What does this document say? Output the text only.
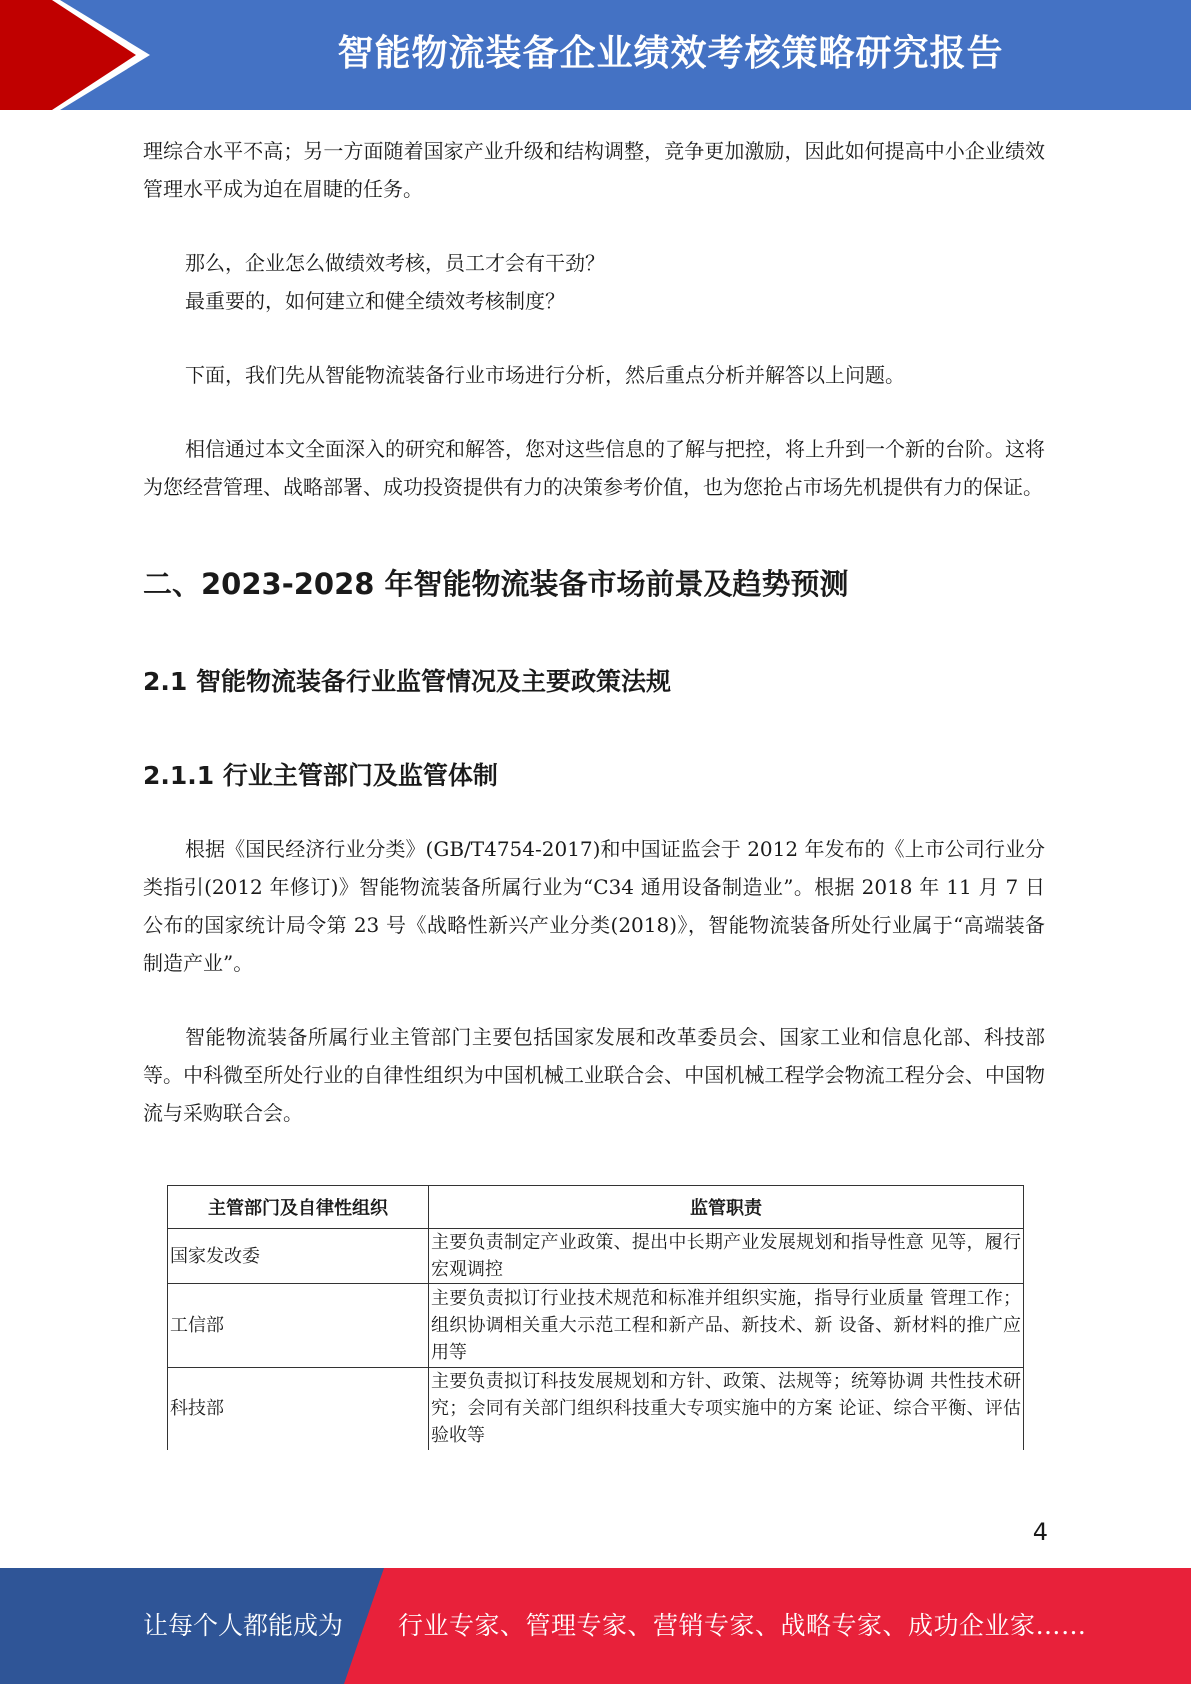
智能物流装备企业绩效考核策略研究报告

理综合水平不高；另一方面随着国家产业升级和结构调整，竞争更加激励，因此如何提高中小企业绩效管理水平成为迫在眉睫的任务。

那么，企业怎么做绩效考核，员工才会有干劲？

最重要的，如何建立和健全绩效考核制度？

下面，我们先从智能物流装备行业市场进行分析，然后重点分析并解答以上问题。

相信通过本文全面深入的研究和解答，您对这些信息的了解与把控，将上升到一个新的台阶。这将为您经营管理、战略部署、成功投资提供有力的决策参考价值，也为您抢占市场先机提供有力的保证。

二、2023-2028 年智能物流装备市场前景及趋势预测
2.1 智能物流装备行业监管情况及主要政策法规
2.1.1 行业主管部门及监管体制

根据《国民经济行业分类》(GB/T4754-2017)和中国证监会于 2012 年发布的《上市公司行业分类指引(2012 年修订)》智能物流装备所属行业为“C34 通用设备制造业”。根据 2018 年 11 月 7 日公布的国家统计局令第 23 号《战略性新兴产业分类(2018)》，智能物流装备所处行业属于“高端装备制造产业”。

智能物流装备所属行业主管部门主要包括国家发展和改革委员会、国家工业和信息化部、科技部等。中科微至所处行业的自律性组织为中国机械工业联合会、中国机械工程学会物流工程分会、中国物流与采购联合会。

主管部门及自律性组织	监管职责
国家发改委	主要负责制定产业政策、提出中长期产业发展规划和指导性意 见等，履行宏观调控
工信部	主要负责拟订行业技术规范和标准并组织实施，指导行业质量 管理工作；组织协调相关重大示范工程和新产品、新技术、新 设备、新材料的推广应用等
科技部	主要负责拟订科技发展规划和方针、政策、法规等；统筹协调 共性技术研究；会同有关部门组织科技重大专项实施中的方案 论证、综合平衡、评估验收等
4
让每个人都能成为 行业专家、管理专家、营销专家、战略专家、成功企业家……
